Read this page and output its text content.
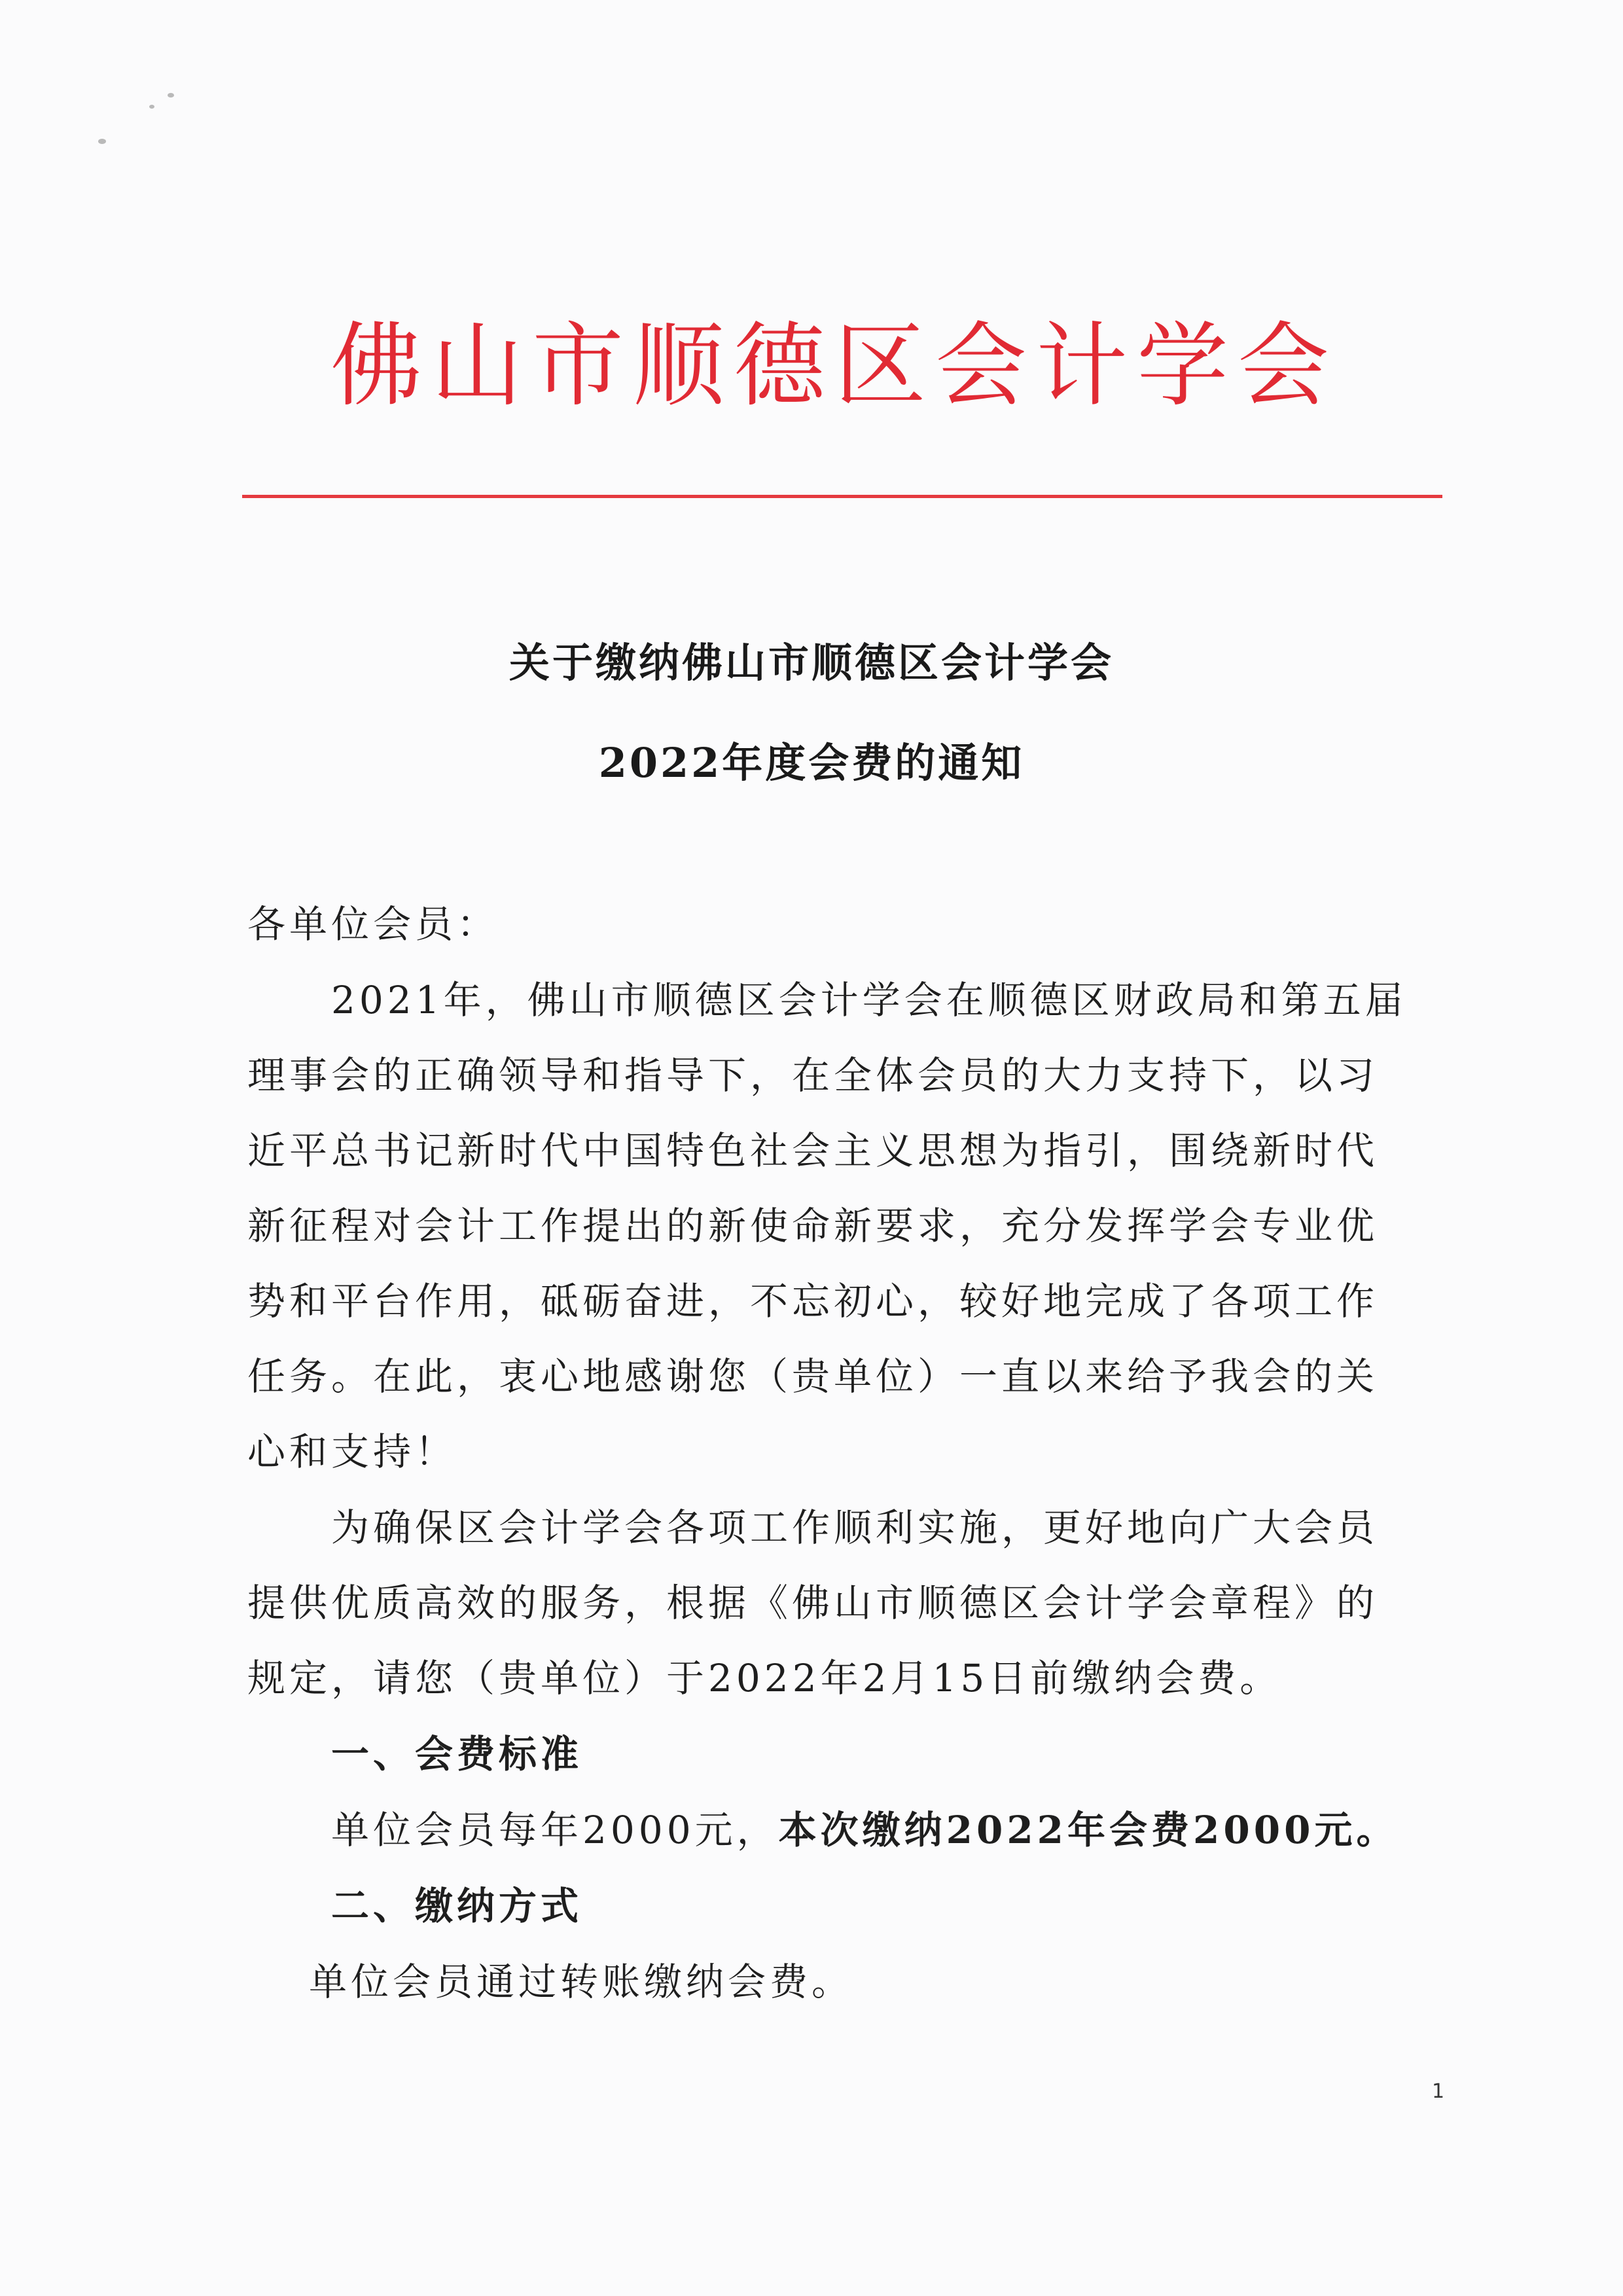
佛山市顺德区会计学会
关于缴纳佛山市顺德区会计学会
2022年度会费的通知
各单位会员：
2021年，佛山市顺德区会计学会在顺德区财政局和第五届
理事会的正确领导和指导下，在全体会员的大力支持下，以习
近平总书记新时代中国特色社会主义思想为指引，围绕新时代
新征程对会计工作提出的新使命新要求，充分发挥学会专业优
势和平台作用，砥砺奋进，不忘初心，较好地完成了各项工作
任务。在此，衷心地感谢您（贵单位）一直以来给予我会的关
心和支持！
为确保区会计学会各项工作顺利实施，更好地向广大会员
提供优质高效的服务，根据《佛山市顺德区会计学会章程》的
规定，请您（贵单位）于2022年2月15日前缴纳会费。
一、会费标准
单位会员每年2000元，本次缴纳2022年会费2000元。
二、缴纳方式
单位会员通过转账缴纳会费。
1
